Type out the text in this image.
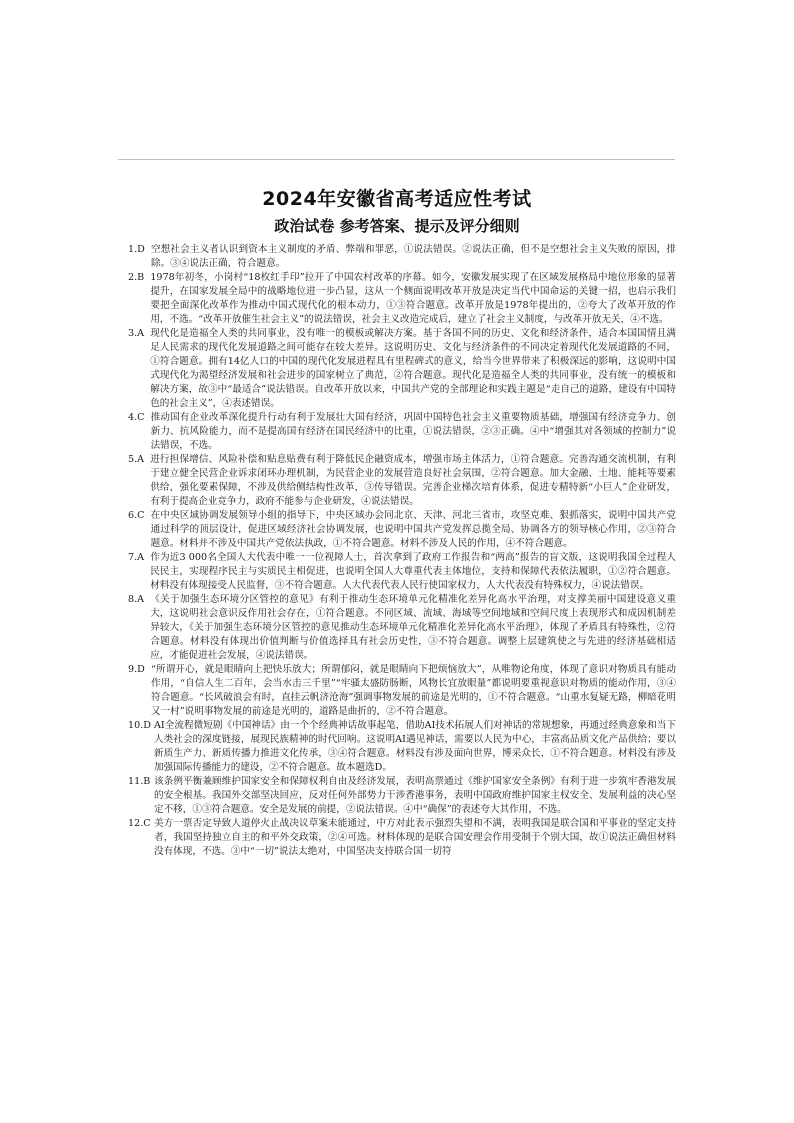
2024年安徽省高考适应性考试
政治试卷 参考答案、提示及评分细则
1.D 空想社会主义者认识到资本主义制度的矛盾、弊端和罪恶，①说法错误。②说法正确，但不是空想社会主义失败的原因，排除。③④说法正确，符合题意。
2.B 1978年初冬，小岗村“18枚红手印”拉开了中国农村改革的序幕。如今，安徽发展实现了在区域发展格局中地位形象的显著提升，在国家发展全局中的战略地位进一步凸显，这从一个侧面说明改革开放是决定当代中国命运的关键一招，也启示我们要把全面深化改革作为推动中国式现代化的根本动力，①③符合题意。改革开放是1978年提出的，②夸大了改革开放的作用，不选。“改革开放催生社会主义”的说法错误，社会主义改造完成后，建立了社会主义制度，与改革开放无关，④不选。
3.A 现代化是造福全人类的共同事业，没有唯一的模板或解决方案。基于各国不同的历史、文化和经济条件，适合本国国情且满足人民需求的现代化发展道路之间可能存在较大差异。这说明历史、文化与经济条件的不同决定着现代化发展道路的不同，①符合题意。拥有14亿人口的中国的现代化发展进程具有里程碑式的意义，给当今世界带来了积极深远的影响，这说明中国式现代化为渴望经济发展和社会进步的国家树立了典范，②符合题意。现代化是造福全人类的共同事业，没有统一的模板和解决方案，故③中“最适合”说法错误。自改革开放以来，中国共产党的全部理论和实践主题是“走自己的道路，建设有中国特色的社会主义”，④表述错误。
4.C 推动国有企业改革深化提升行动有利于发展壮大国有经济，巩固中国特色社会主义重要物质基础，增强国有经济竞争力、创新力、抗风险能力，而不是提高国有经济在国民经济中的比重，①说法错误，②③正确。④中“增强其对各领域的控制力”说法错误，不选。
5.A 进行担保增信、风险补偿和贴息贴费有利于降低民企融资成本，增强市场主体活力，①符合题意。完善沟通交流机制，有利于建立健全民营企业诉求闭环办理机制，为民营企业的发展营造良好社会氛围，②符合题意。加大金融、土地、能耗等要素供给，强化要素保障，不涉及供给侧结构性改革，③传导错误。完善企业梯次培育体系，促进专精特新“小巨人”企业研发，有利于提高企业竞争力，政府不能参与企业研发，④说法错误。
6.C 在中央区域协调发展领导小组的指导下，中央区域办会同北京、天津、河北三省市，攻坚克难、狠抓落实，说明中国共产党通过科学的顶层设计，促进区域经济社会协调发展，也说明中国共产党发挥总揽全局、协调各方的领导核心作用，②③符合题意。材料并不涉及中国共产党依法执政，①不符合题意。材料不涉及人民的作用，④不符合题意。
7.A 作为近3 000名全国人大代表中唯一一位视障人士，首次拿到了政府工作报告和“两高”报告的盲文版，这说明我国全过程人民民主，实现程序民主与实质民主相促进，也说明全国人大尊重代表主体地位，支持和保障代表依法履职，①②符合题意。材料没有体现接受人民监督，③不符合题意。人大代表代表人民行使国家权力，人大代表没有特殊权力，④说法错误。
8.A 《关于加强生态环境分区管控的意见》有利于推动生态环境单元化精准化差异化高水平治理，对支撑美丽中国建设意义重大，这说明社会意识反作用社会存在，①符合题意。不同区域、流域、海域等空间地域和空间尺度上表现形式和成因机制差异较大，《关于加强生态环境分区管控的意见推动生态环境单元化精准化差异化高水平治理》，体现了矛盾具有特殊性，②符合题意。材料没有体现出价值判断与价值选择具有社会历史性，③不符合题意。调整上层建筑使之与先进的经济基础相适应，才能促进社会发展，④说法错误。
9.D “所谓开心，就是眼睛向上把快乐放大；所谓郁闷，就是眼睛向下把烦恼放大”，从唯物论角度，体现了意识对物质具有能动作用，“自信人生二百年，会当水击三千里”“牢骚太盛防肠断，风物长宜放眼量”都说明要重视意识对物质的能动作用，③④符合题意。“长风破浪会有时，直挂云帆济沧海”强调事物发展的前途是光明的，①不符合题意。“山重水复疑无路，柳暗花明又一村”说明事物发展的前途是光明的，道路是曲折的，②不符合题意。
10.D
AI全流程微短剧《中国神话》由一个个经典神话故事起笔，借助AI技术拓展人们对神话的常规想象，再通过经典意象和当下人类社会的深度链接，展现民族精神的时代回响。这说明AI遇见神话，需要以人民为中心，丰富高品质文化产品供给；要以新质生产力、新质传播力推进文化传承，③④符合题意。材料没有涉及面向世界，博采众长，①不符合题意。材料没有涉及加强国际传播能力的建设，②不符合题意。故本题选D。
11.B
该条例平衡兼顾维护国家安全和保障权利自由及经济发展，表明高票通过《维护国家安全条例》有利于进一步筑牢香港发展的安全根基。我国外交部坚决回应，反对任何外部势力干涉香港事务，表明中国政府维护国家主权安全、发展利益的决心坚定不移，①③符合题意。安全是发展的前提，②说法错误。④中“确保”的表述夸大其作用，不选。
12.C
美方一票否定导致人道停火止战决议草案未能通过，中方对此表示强烈失望和不满，表明我国是联合国和平事业的坚定支持者，我国坚持独立自主的和平外交政策，②④可选。材料体现的是联合国安理会作用受制于个别大国，故①说法正确但材料没有体现，不选。③中“一切”说法太绝对，中国坚决支持联合国一切符
